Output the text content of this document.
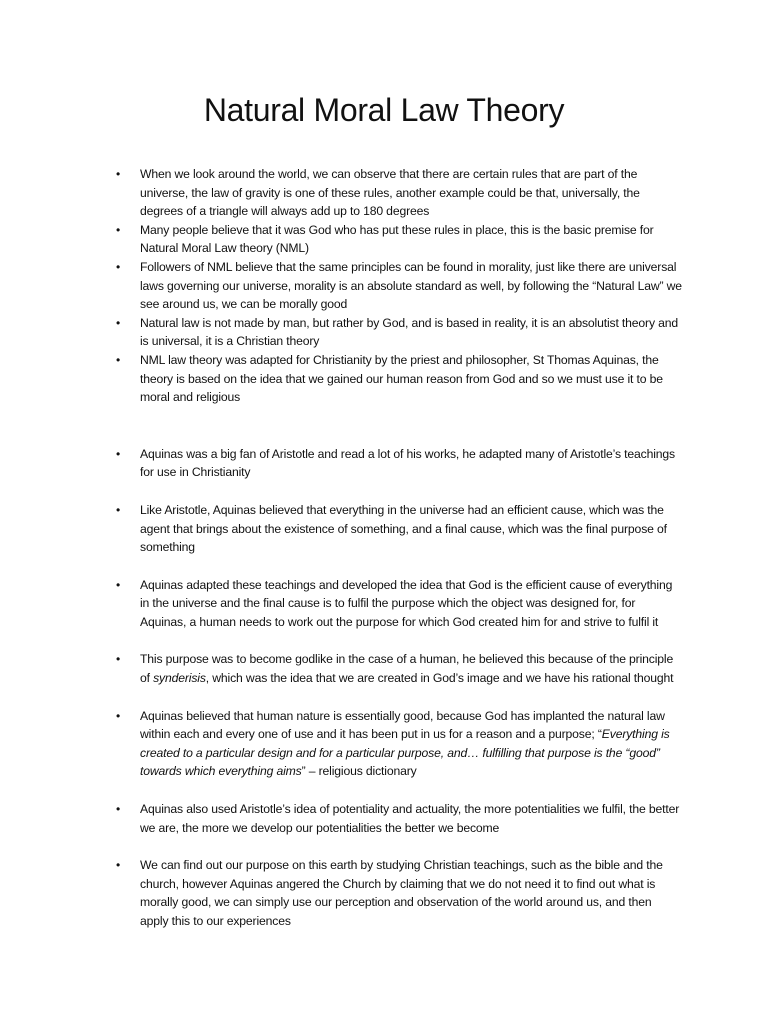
Natural Moral Law Theory
• When we look around the world, we can observe that there are certain rules that are part of the universe, the law of gravity is one of these rules, another example could be that, universally, the degrees of a triangle will always add up to 180 degrees
• Many people believe that it was God who has put these rules in place, this is the basic premise for Natural Moral Law theory (NML)
• Followers of NML believe that the same principles can be found in morality, just like there are universal laws governing our universe, morality is an absolute standard as well, by following the “Natural Law” we see around us, we can be morally good
• Natural law is not made by man, but rather by God, and is based in reality, it is an absolutist theory and is universal, it is a Christian theory
• NML law theory was adapted for Christianity by the priest and philosopher, St Thomas Aquinas, the theory is based on the idea that we gained our human reason from God and so we must use it to be moral and religious
• Aquinas was a big fan of Aristotle and read a lot of his works, he adapted many of Aristotle’s teachings for use in Christianity
• Like Aristotle, Aquinas believed that everything in the universe had an efficient cause, which was the agent that brings about the existence of something, and a final cause, which was the final purpose of something
• Aquinas adapted these teachings and developed the idea that God is the efficient cause of everything in the universe and the final cause is to fulfil the purpose which the object was designed for, for Aquinas, a human needs to work out the purpose for which God created him for and strive to fulfil it
• This purpose was to become godlike in the case of a human, he believed this because of the principle of synderisis, which was the idea that we are created in God’s image and we have his rational thought
• Aquinas believed that human nature is essentially good, because God has implanted the natural law within each and every one of use and it has been put in us for a reason and a purpose; “Everything is created to a particular design and for a particular purpose, and… fulfilling that purpose is the “good” towards which everything aims” – religious dictionary
• Aquinas also used Aristotle’s idea of potentiality and actuality, the more potentialities we fulfil, the better we are, the more we develop our potentialities the better we become
• We can find out our purpose on this earth by studying Christian teachings, such as the bible and the church, however Aquinas angered the Church by claiming that we do not need it to find out what is morally good, we can simply use our perception and observation of the world around us, and then apply this to our experiences
